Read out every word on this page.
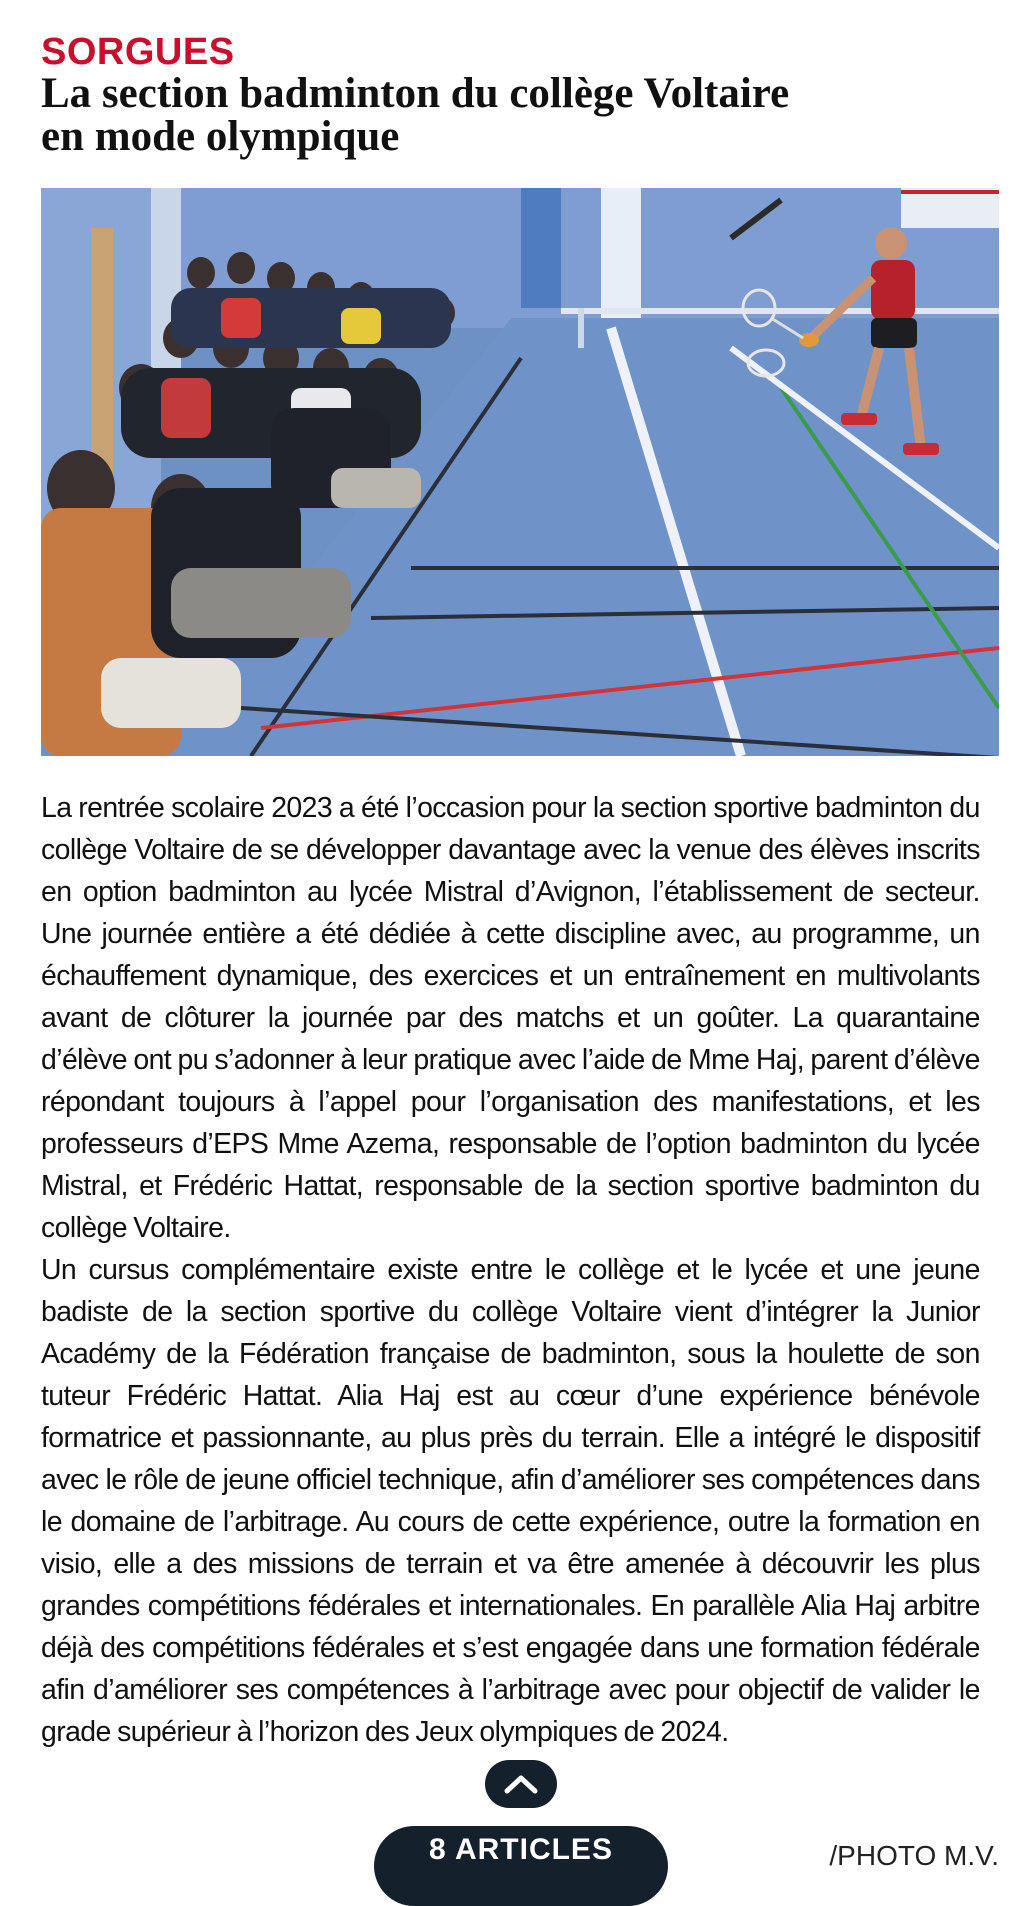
SORGUES
La section badminton du collège Voltaire
en mode olympique

La rentrée scolaire 2023 a été l’occasion pour la section sportive badminton du collège Voltaire de se développer davantage avec la venue des élèves inscrits en option badminton au lycée Mistral d’Avignon, l’établissement de secteur. Une journée entière a été dédiée à cette discipline avec, au programme, un échauffement dynamique, des exercices et un entraînement en multivolants avant de clôturer la journée par des matchs et un goûter. La quarantaine d’élève ont pu s’adonner à leur pratique avec l’aide de Mme Haj, parent d’élève répondant toujours à l’appel pour l’organisation des manifestations, et les professeurs d’EPS Mme Azema, responsable de l’option badminton du lycée Mistral, et Frédéric Hattat, responsable de la section sportive badminton du collège Voltaire.

Un cursus complémentaire existe entre le collège et le lycée et une jeune badiste de la section sportive du collège Voltaire vient d’intégrer la Junior Académy de la Fédération française de badminton, sous la houlette de son tuteur Frédéric Hattat. Alia Haj est au cœur d’une expérience bénévole formatrice et passionnante, au plus près du terrain. Elle a intégré le dispositif avec le rôle de jeune officiel technique, afin d’améliorer ses compétences dans le domaine de l’arbitrage. Au cours de cette expérience, outre la formation en visio, elle a des missions de terrain et va être amenée à découvrir les plus grandes compétitions fédérales et internationales. En parallèle Alia Haj arbitre déjà des compétitions fédérales et s’est engagée dans une formation fédérale afin d’améliorer ses compétences à l’arbitrage avec pour objectif de valider le grade supérieur à l’horizon des Jeux olympiques de 2024.

/PHOTO M.V.
8 ARTICLES
